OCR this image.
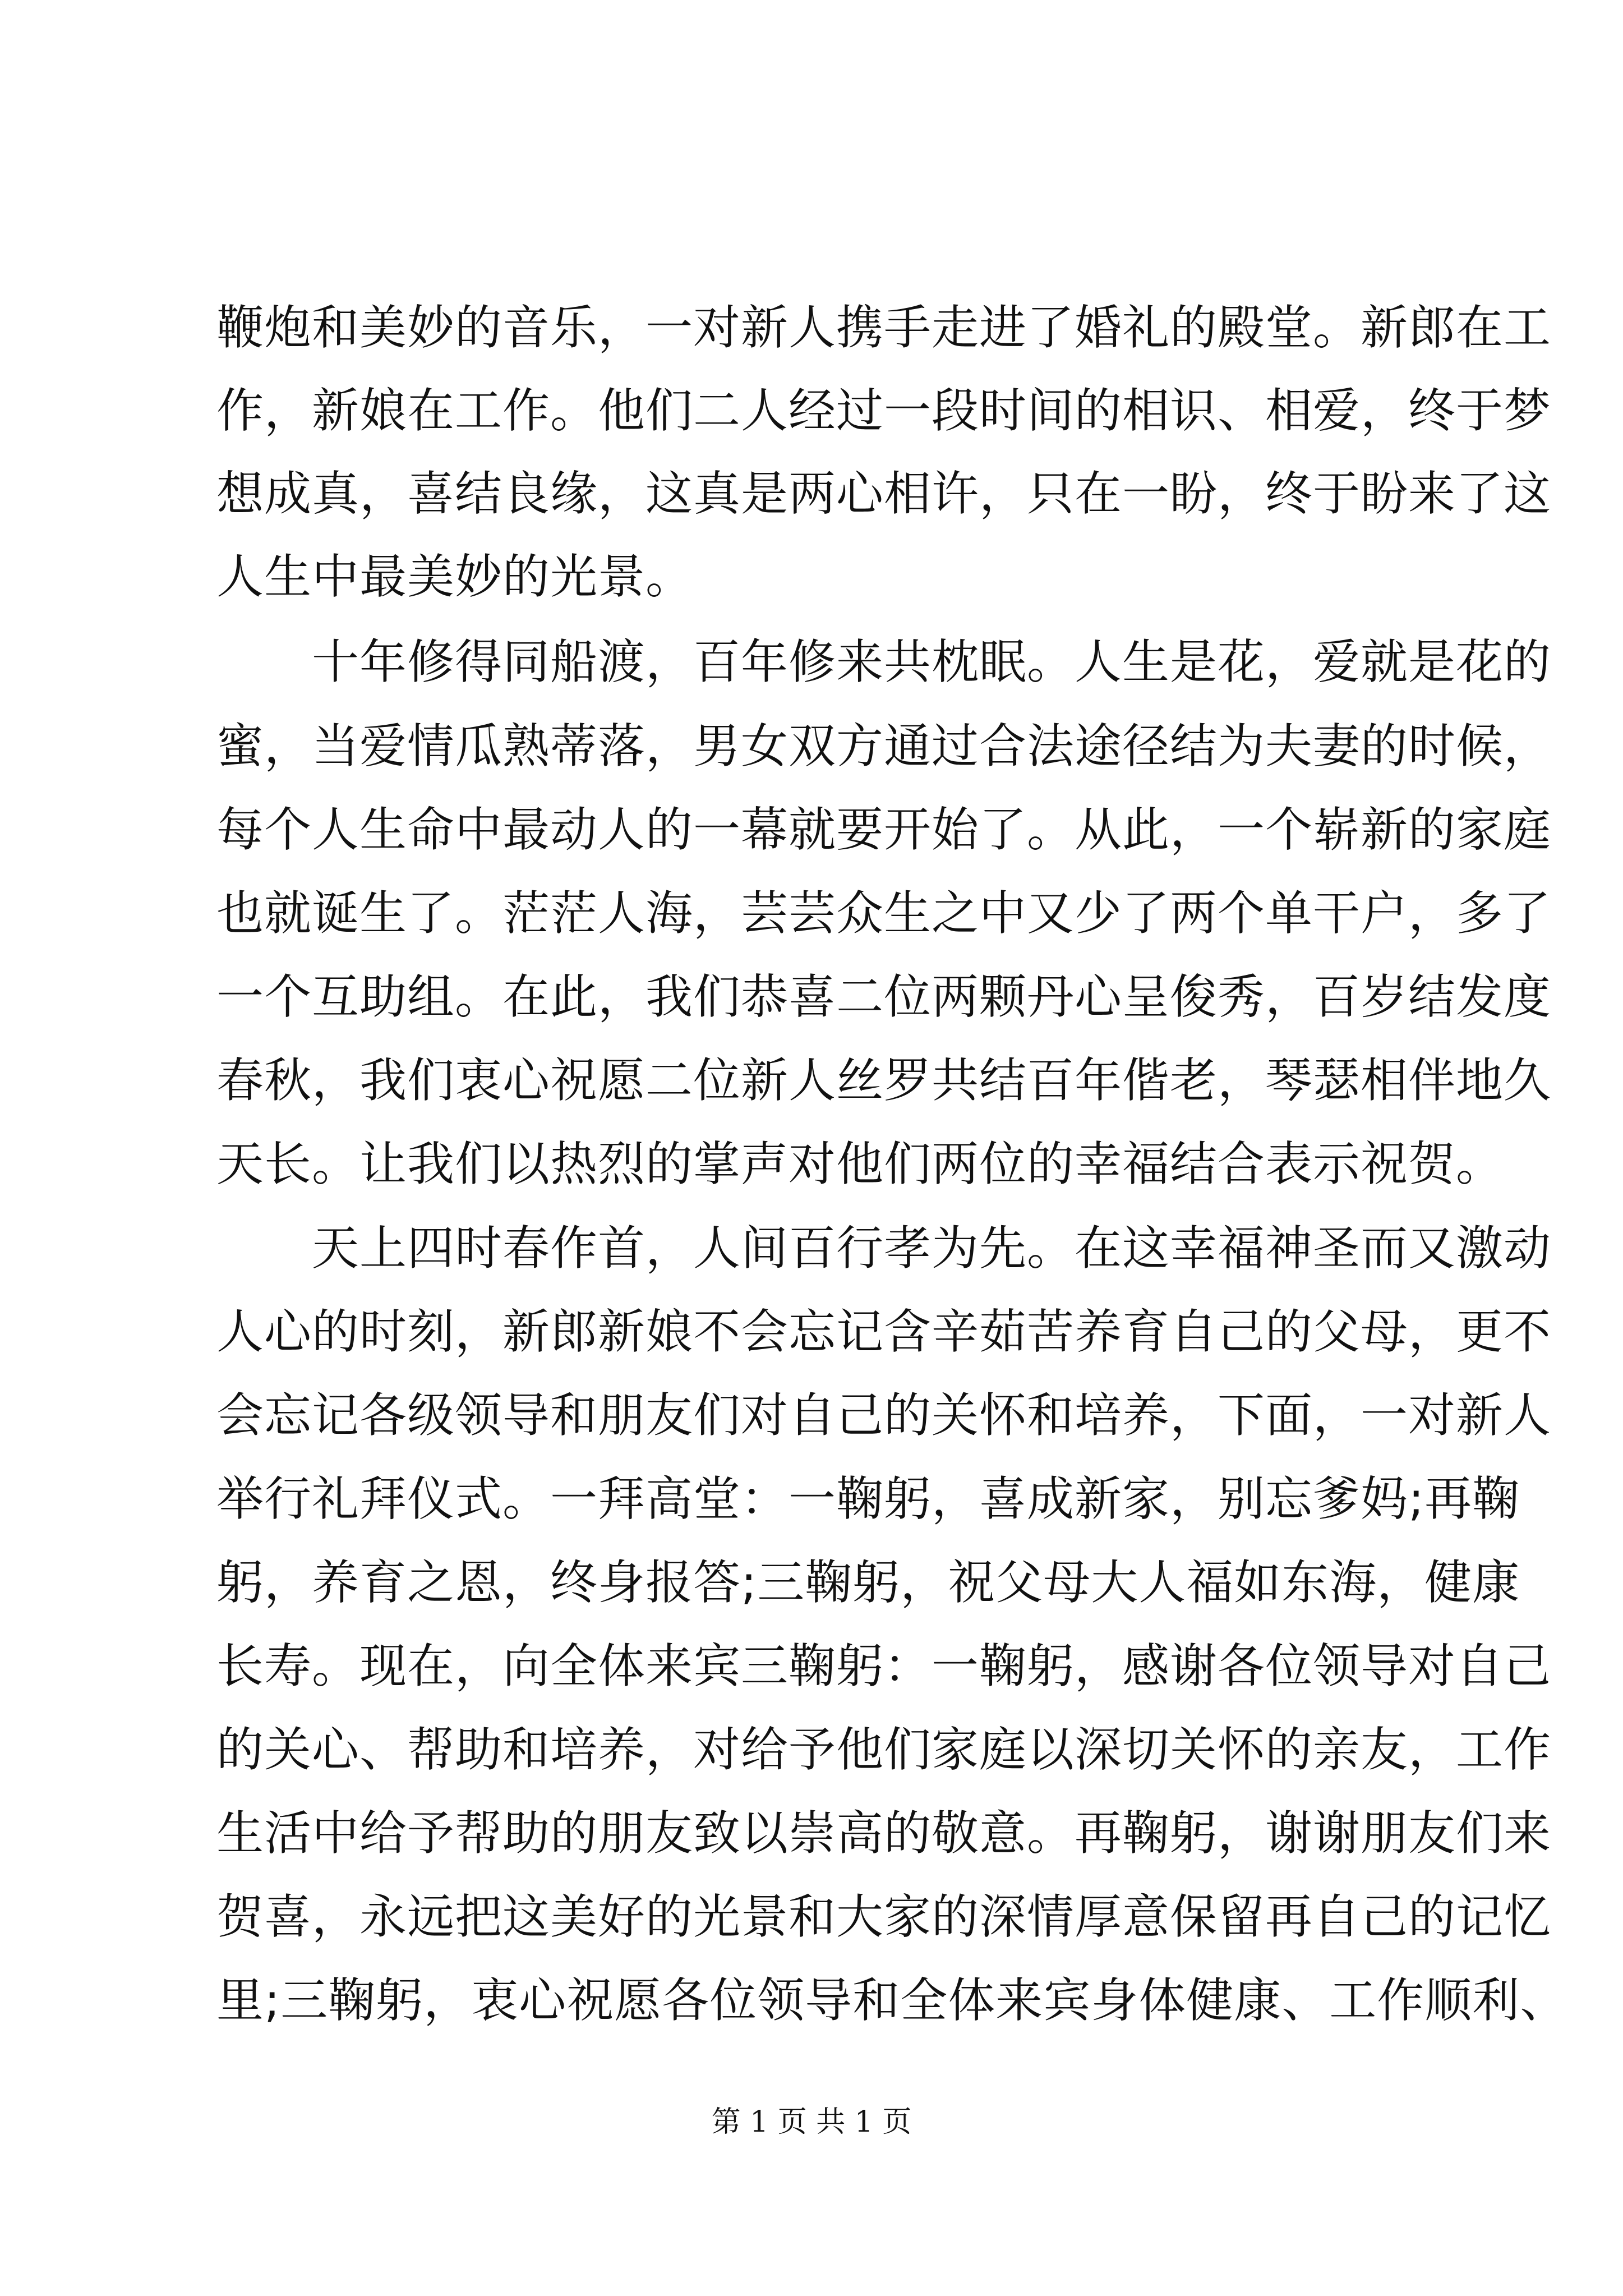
鞭炮和美妙的音乐，一对新人携手走进了婚礼的殿堂。新郎在工
作，新娘在工作。他们二人经过一段时间的相识、相爱，终于梦
想成真，喜结良缘，这真是两心相许，只在一盼，终于盼来了这
人生中最美妙的光景。
十年修得同船渡，百年修来共枕眠。人生是花，爱就是花的
蜜，当爱情瓜熟蒂落，男女双方通过合法途径结为夫妻的时候，
每个人生命中最动人的一幕就要开始了。从此，一个崭新的家庭
也就诞生了。茫茫人海，芸芸众生之中又少了两个单干户，多了
一个互助组。在此，我们恭喜二位两颗丹心呈俊秀，百岁结发度
春秋，我们衷心祝愿二位新人丝罗共结百年偕老，琴瑟相伴地久
天长。让我们以热烈的掌声对他们两位的幸福结合表示祝贺。
天上四时春作首，人间百行孝为先。在这幸福神圣而又激动
人心的时刻，新郎新娘不会忘记含辛茹苦养育自己的父母，更不
会忘记各级领导和朋友们对自己的关怀和培养，下面，一对新人
举行礼拜仪式。一拜高堂：一鞠躬，喜成新家，别忘爹妈;再鞠
躬，养育之恩，终身报答;三鞠躬，祝父母大人福如东海，健康
长寿。现在，向全体来宾三鞠躬：一鞠躬，感谢各位领导对自己
的关心、帮助和培养，对给予他们家庭以深切关怀的亲友，工作
生活中给予帮助的朋友致以崇高的敬意。再鞠躬，谢谢朋友们来
贺喜，永远把这美好的光景和大家的深情厚意保留再自己的记忆
里;三鞠躬，衷心祝愿各位领导和全体来宾身体健康、工作顺利、
第 1 页 共 1 页
